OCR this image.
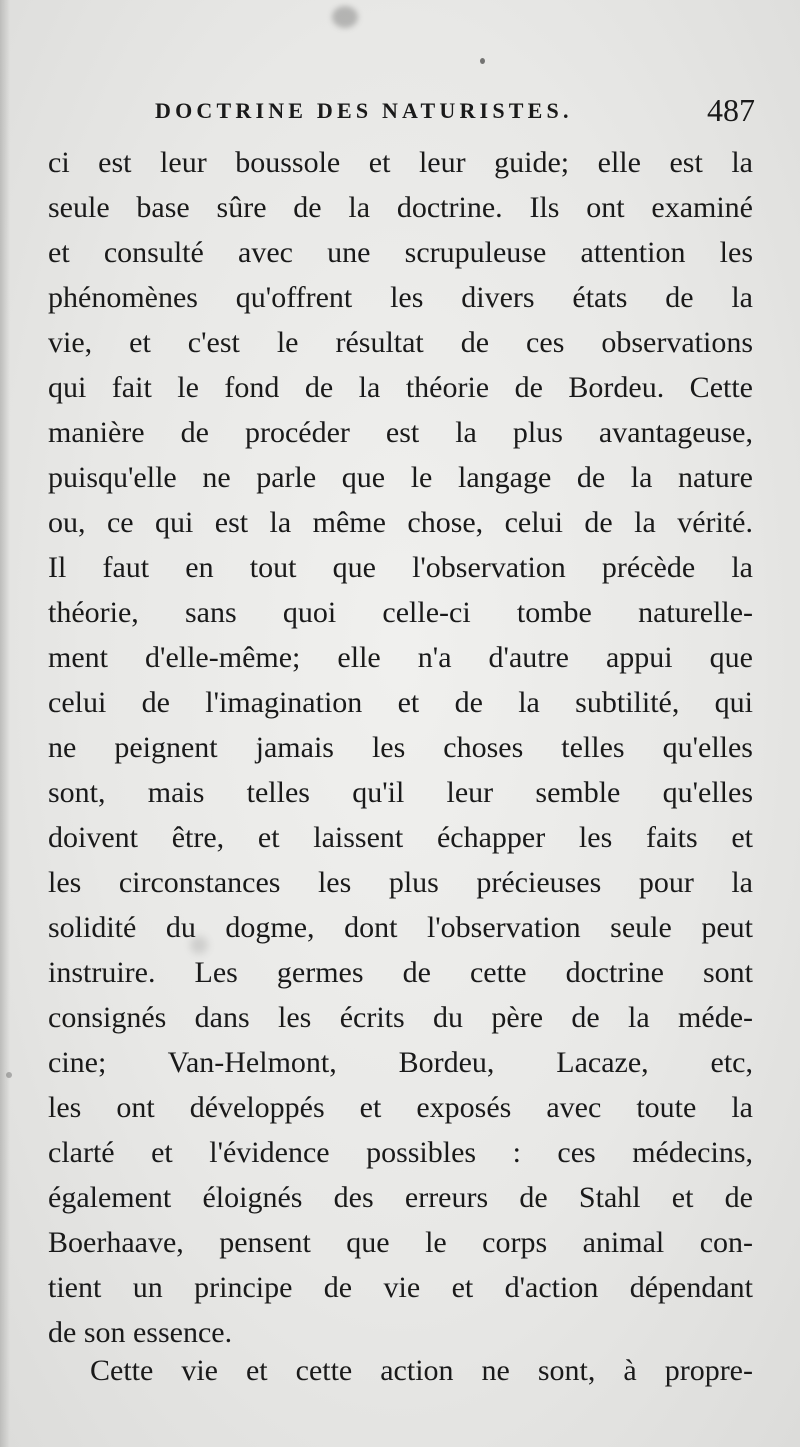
DOCTRINE DES NATURISTES.	487
ci est leur boussole et leur guide; elle est la
seule base sûre de la doctrine. Ils ont examiné
et consulté avec une scrupuleuse attention les
phénomènes qu'offrent les divers états de la
vie, et c'est le résultat de ces observations
qui fait le fond de la théorie de Bordeu. Cette
manière de procéder est la plus avantageuse,
puisqu'elle ne parle que le langage de la nature
ou, ce qui est la même chose, celui de la vérité.
Il faut en tout que l'observation précède la
théorie, sans quoi celle-ci tombe naturelle-
ment d'elle-même; elle n'a d'autre appui que
celui de l'imagination et de la subtilité, qui
ne peignent jamais les choses telles qu'elles
sont, mais telles qu'il leur semble qu'elles
doivent être, et laissent échapper les faits et
les circonstances les plus précieuses pour la
solidité du dogme, dont l'observation seule peut
instruire. Les germes de cette doctrine sont
consignés dans les écrits du père de la méde-
cine; Van-Helmont, Bordeu, Lacaze, etc,
les ont développés et exposés avec toute la
clarté et l'évidence possibles : ces médecins,
également éloignés des erreurs de Stahl et de
Boerhaave, pensent que le corps animal con-
tient un principe de vie et d'action dépendant
de son essence.
Cette vie et cette action ne sont, à propre-
